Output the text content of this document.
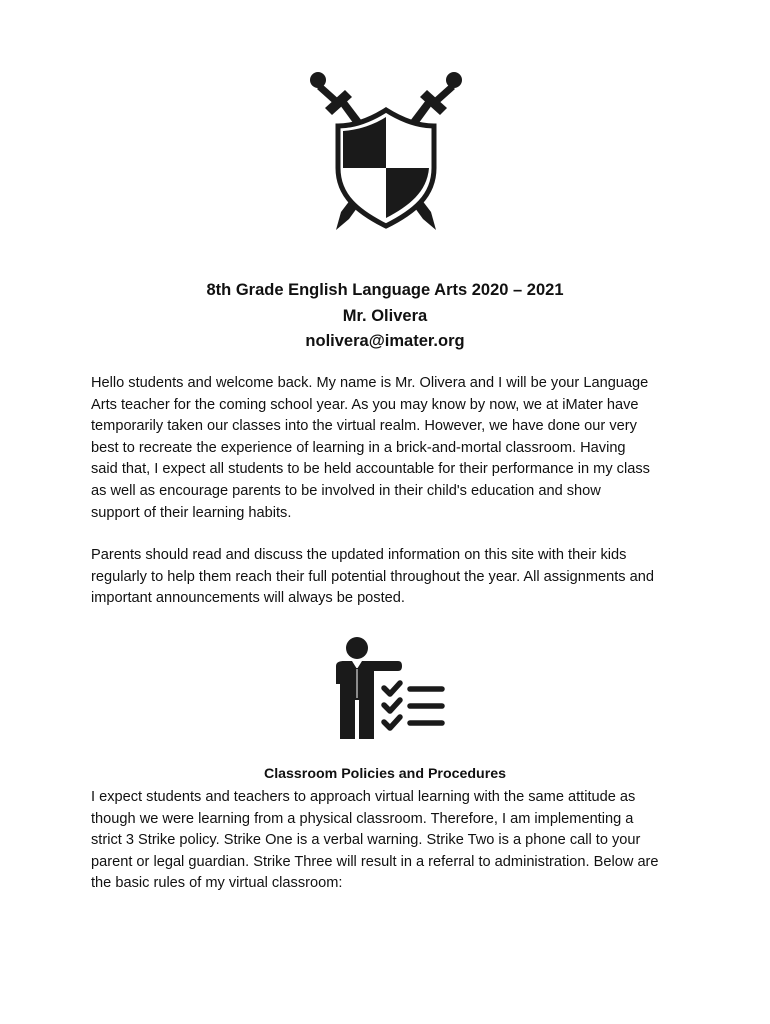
8th Grade English Language Arts 2020 – 2021
Mr. Olivera
nolivera@imater.org
Hello students and welcome back. My name is Mr. Olivera and I will be your Language
Arts teacher for the coming school year. As you may know by now, we at iMater have
temporarily taken our classes into the virtual realm. However, we have done our very
best to recreate the experience of learning in a brick-and-mortal classroom. Having
said that, I expect all students to be held accountable for their performance in my class
as well as encourage parents to be involved in their child's education and show
support of their learning habits.
Parents should read and discuss the updated information on this site with their kids
regularly to help them reach their full potential throughout the year. All assignments and
important announcements will always be posted.
Classroom Policies and Procedures
I expect students and teachers to approach virtual learning with the same attitude as
though we were learning from a physical classroom. Therefore, I am implementing a
strict 3 Strike policy. Strike One is a verbal warning. Strike Two is a phone call to your
parent or legal guardian. Strike Three will result in a referral to administration. Below are
the basic rules of my virtual classroom:
